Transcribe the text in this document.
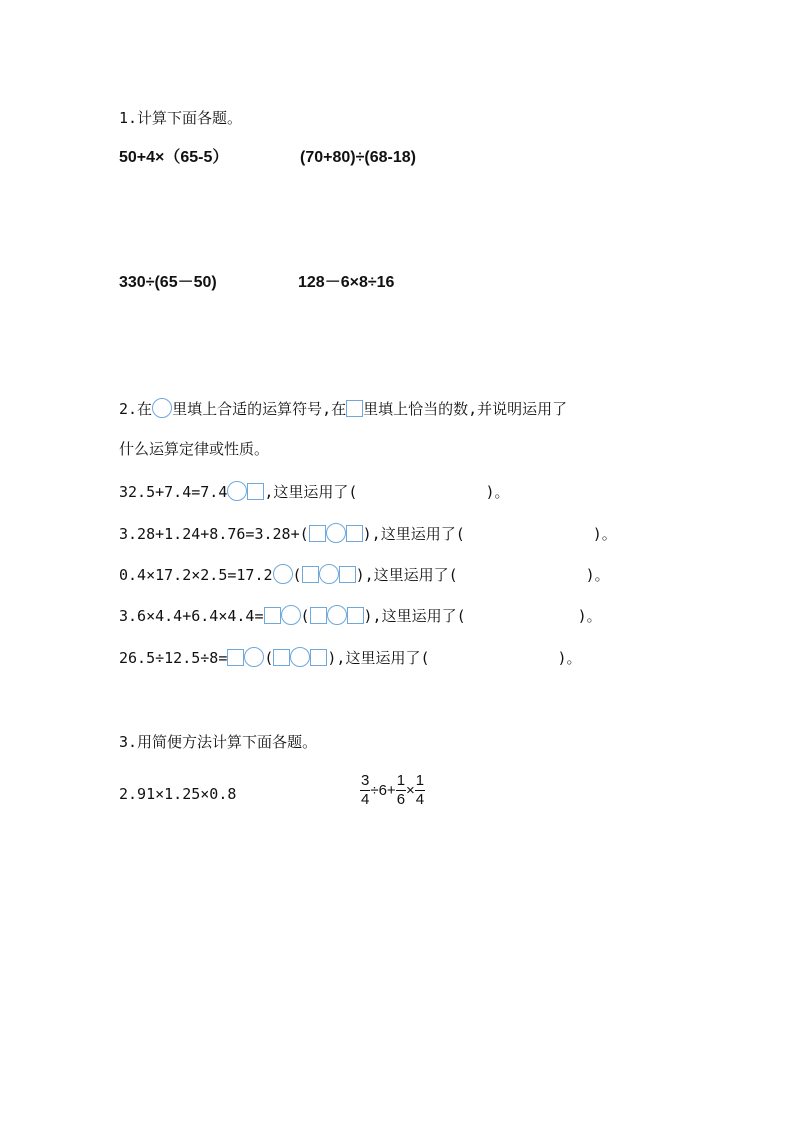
1.计算下面各题。
50+4×（65-5）	(70+80)÷(68-18)
330÷(65－50)	128－6×8÷16
2.在 里填上合适的运算符号,在 里填上恰当的数,并说明运用了
什么运算定律或性质。
32.5+7.4=7.4 ,这里运用了(	)。
3.28+1.24+8.76=3.28+(	),这里运用了(	)。
0.4×17.2×2.5=17.2 (	),这里运用了(	)。
3.6×4.4+6.4×4.4= (	),这里运用了(	)。
26.5÷12.5÷8= (	),这里运用了(	)。
3.用简便方法计算下面各题。
2.91×1.25×0.8	$\frac{3}{4} \div 6+ \frac{1}{6} \times \frac{1}{4}$
